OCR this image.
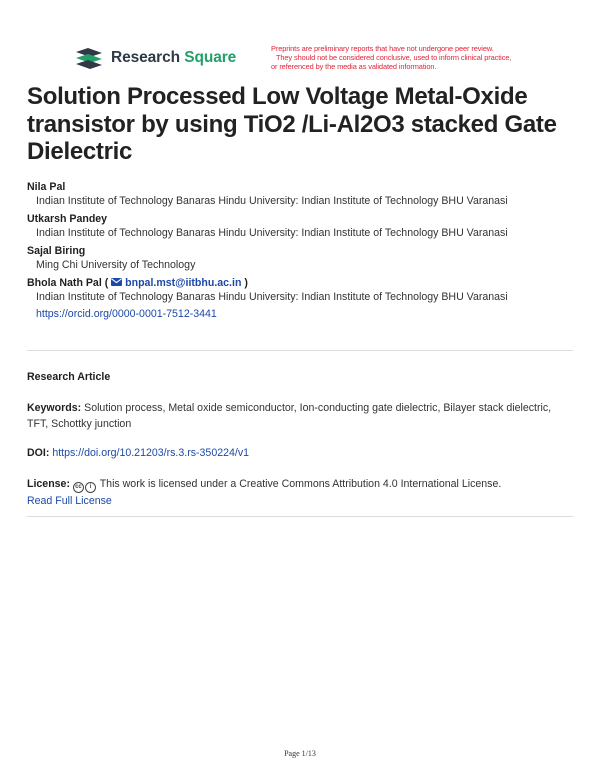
Research Square
Preprints are preliminary reports that have not undergone peer review.
They should not be considered conclusive, used to inform clinical practice,
or referenced by the media as validated information.
Solution Processed Low Voltage Metal-Oxide transistor by using TiO2 /Li-Al2O3 stacked Gate Dielectric
Nila Pal
Indian Institute of Technology Banaras Hindu University: Indian Institute of Technology BHU Varanasi
Utkarsh Pandey
Indian Institute of Technology Banaras Hindu University: Indian Institute of Technology BHU Varanasi
Sajal Biring
Ming Chi University of Technology
Bhola Nath Pal (  bnpal.mst@iitbhu.ac.in )
Indian Institute of Technology Banaras Hindu University: Indian Institute of Technology BHU Varanasi
https://orcid.org/0000-0001-7512-3441
Research Article
Keywords: Solution process, Metal oxide semiconductor, Ion-conducting gate dielectric, Bilayer stack dielectric, TFT, Schottky junction
DOI: https://doi.org/10.21203/rs.3.rs-350224/v1
License: cc i This work is licensed under a Creative Commons Attribution 4.0 International License.
Read Full License
Page 1/13
